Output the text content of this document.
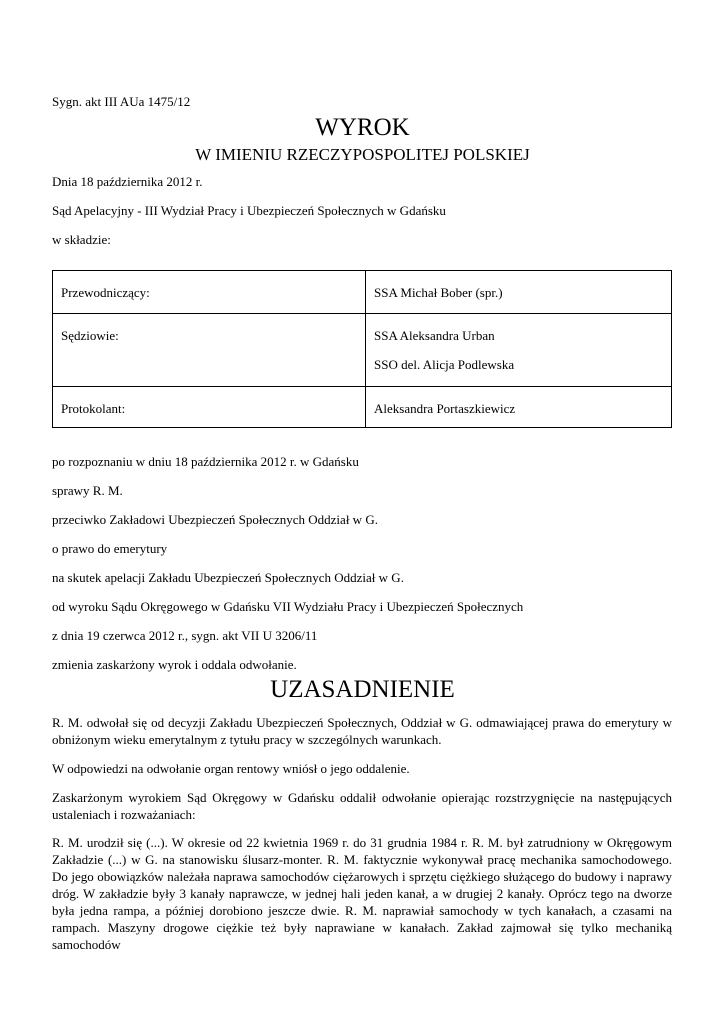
Sygn. akt III AUa 1475/12
WYROK
W IMIENIU RZECZYPOSPOLITEJ POLSKIEJ
Dnia 18 października 2012 r.
Sąd Apelacyjny - III Wydział Pracy i Ubezpieczeń Społecznych w Gdańsku
w składzie:
Przewodniczący:	SSA Michał Bober (spr.)

Sędziowie:	SSA Aleksandra Urban
SSO del. Alicja Podlewska

Protokolant:	Aleksandra Portaszkiewicz
po rozpoznaniu w dniu 18 października 2012 r. w Gdańsku
sprawy R. M.
przeciwko Zakładowi Ubezpieczeń Społecznych Oddział w G.
o prawo do emerytury
na skutek apelacji Zakładu Ubezpieczeń Społecznych Oddział w G.
od wyroku Sądu Okręgowego w Gdańsku VII Wydziału Pracy i Ubezpieczeń Społecznych
z dnia 19 czerwca 2012 r., sygn. akt VII U 3206/11
zmienia zaskarżony wyrok i oddala odwołanie.
UZASADNIENIE
R. M. odwołał się od decyzji Zakładu Ubezpieczeń Społecznych, Oddział w G. odmawiającej prawa do emerytury w obniżonym wieku emerytalnym z tytułu pracy w szczególnych warunkach.
W odpowiedzi na odwołanie organ rentowy wniósł o jego oddalenie.
Zaskarżonym wyrokiem Sąd Okręgowy w Gdańsku oddalił odwołanie opierając rozstrzygnięcie na następujących ustaleniach i rozważaniach:
R. M. urodził się (...). W okresie od 22 kwietnia 1969 r. do 31 grudnia 1984 r. R. M. był zatrudniony w Okręgowym Zakładzie (...) w G. na stanowisku ślusarz-monter. R. M. faktycznie wykonywał pracę mechanika samochodowego. Do jego obowiązków należała naprawa samochodów ciężarowych i sprzętu ciężkiego służącego do budowy i naprawy dróg. W zakładzie były 3 kanały naprawcze, w jednej hali jeden kanał, a w drugiej 2 kanały. Oprócz tego na dworze była jedna rampa, a później dorobiono jeszcze dwie. R. M. naprawiał samochody w tych kanałach, a czasami na rampach. Maszyny drogowe ciężkie też były naprawiane w kanałach. Zakład zajmował się tylko mechaniką samochodów
